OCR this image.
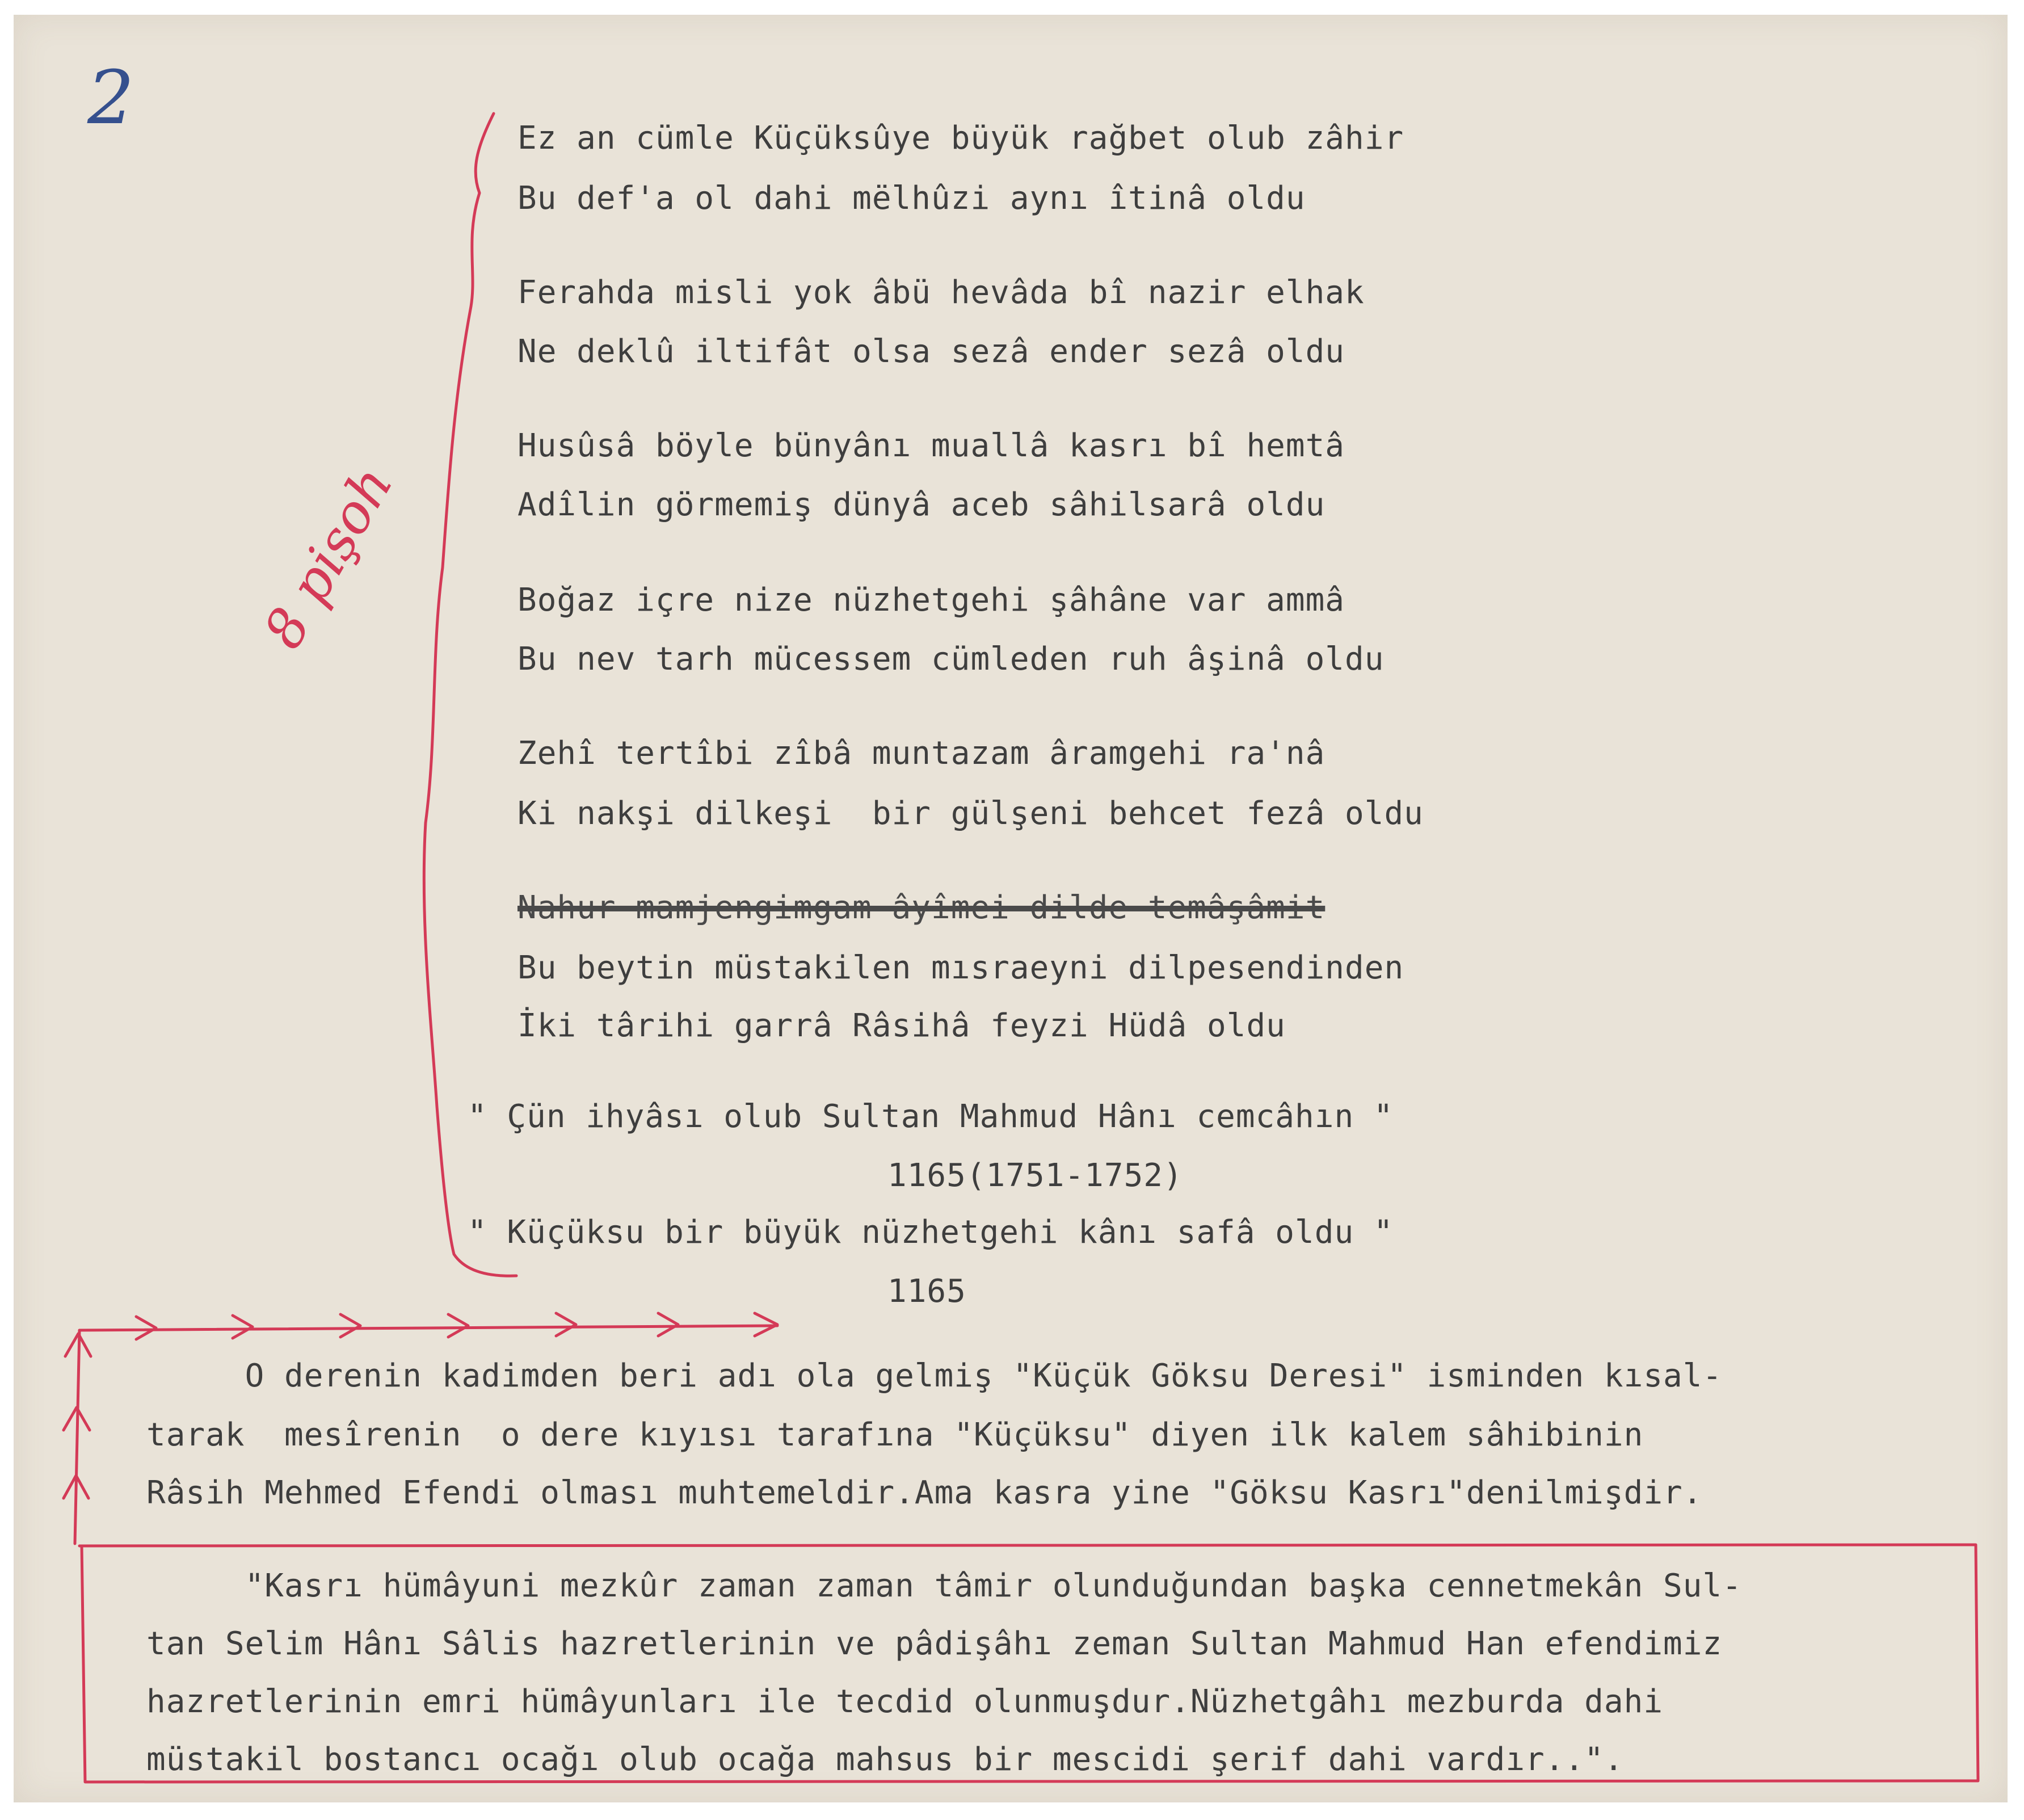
2	Ez an cümle Küçüksûye büyük rağbet olub zâhir
Bu def'a ol dahi mëlhûzi aynı îtinâ oldu
Ferahda misli yok âbü hevâda bî nazir elhak
Ne deklû iltifât olsa sezâ ender sezâ oldu
Husûsâ böyle bünyânı muallâ kasrı bî hemtâ
Adîlin görmemiş dünyâ aceb sâhilsarâ oldu
Boğaz içre nize nüzhetgehi şâhâne var ammâ
Bu nev tarh mücessem cümleden ruh âşinâ oldu
Zehî tertîbi zîbâ muntazam âramgehi ra'nâ
Ki nakşi dilkeşi  bir gülşeni behcet fezâ oldu
Nahur mamjengimgam âyîmei dilde temâşâmit
Bu beytin müstakilen mısraeyni dilpesendinden
İki târihi garrâ Râsihâ feyzi Hüdâ oldu
" Çün ihyâsı olub Sultan Mahmud Hânı cemcâhın "
1165(1751-1752)
" Küçüksu bir büyük nüzhetgehi kânı safâ oldu "
1165
O derenin kadimden beri adı ola gelmiş "Küçük Göksu Deresi" isminden kısal-
tarak  mesîrenin  o dere kıyısı tarafına "Küçüksu" diyen ilk kalem sâhibinin
Râsih Mehmed Efendi olması muhtemeldir.Ama kasra yine "Göksu Kasrı"denilmişdir.
"Kasrı hümâyuni mezkûr zaman zaman tâmir olunduğundan başka cennetmekân Sul-
tan Selim Hânı Sâlis hazretlerinin ve pâdişâhı zeman Sultan Mahmud Han efendimiz
hazretlerinin emri hümâyunları ile tecdid olunmuşdur.Nüzhetgâhı mezburda dahi
müstakil bostancı ocağı olub ocağa mahsus bir mescidi şerif dahi vardır..".
8 pişoh
